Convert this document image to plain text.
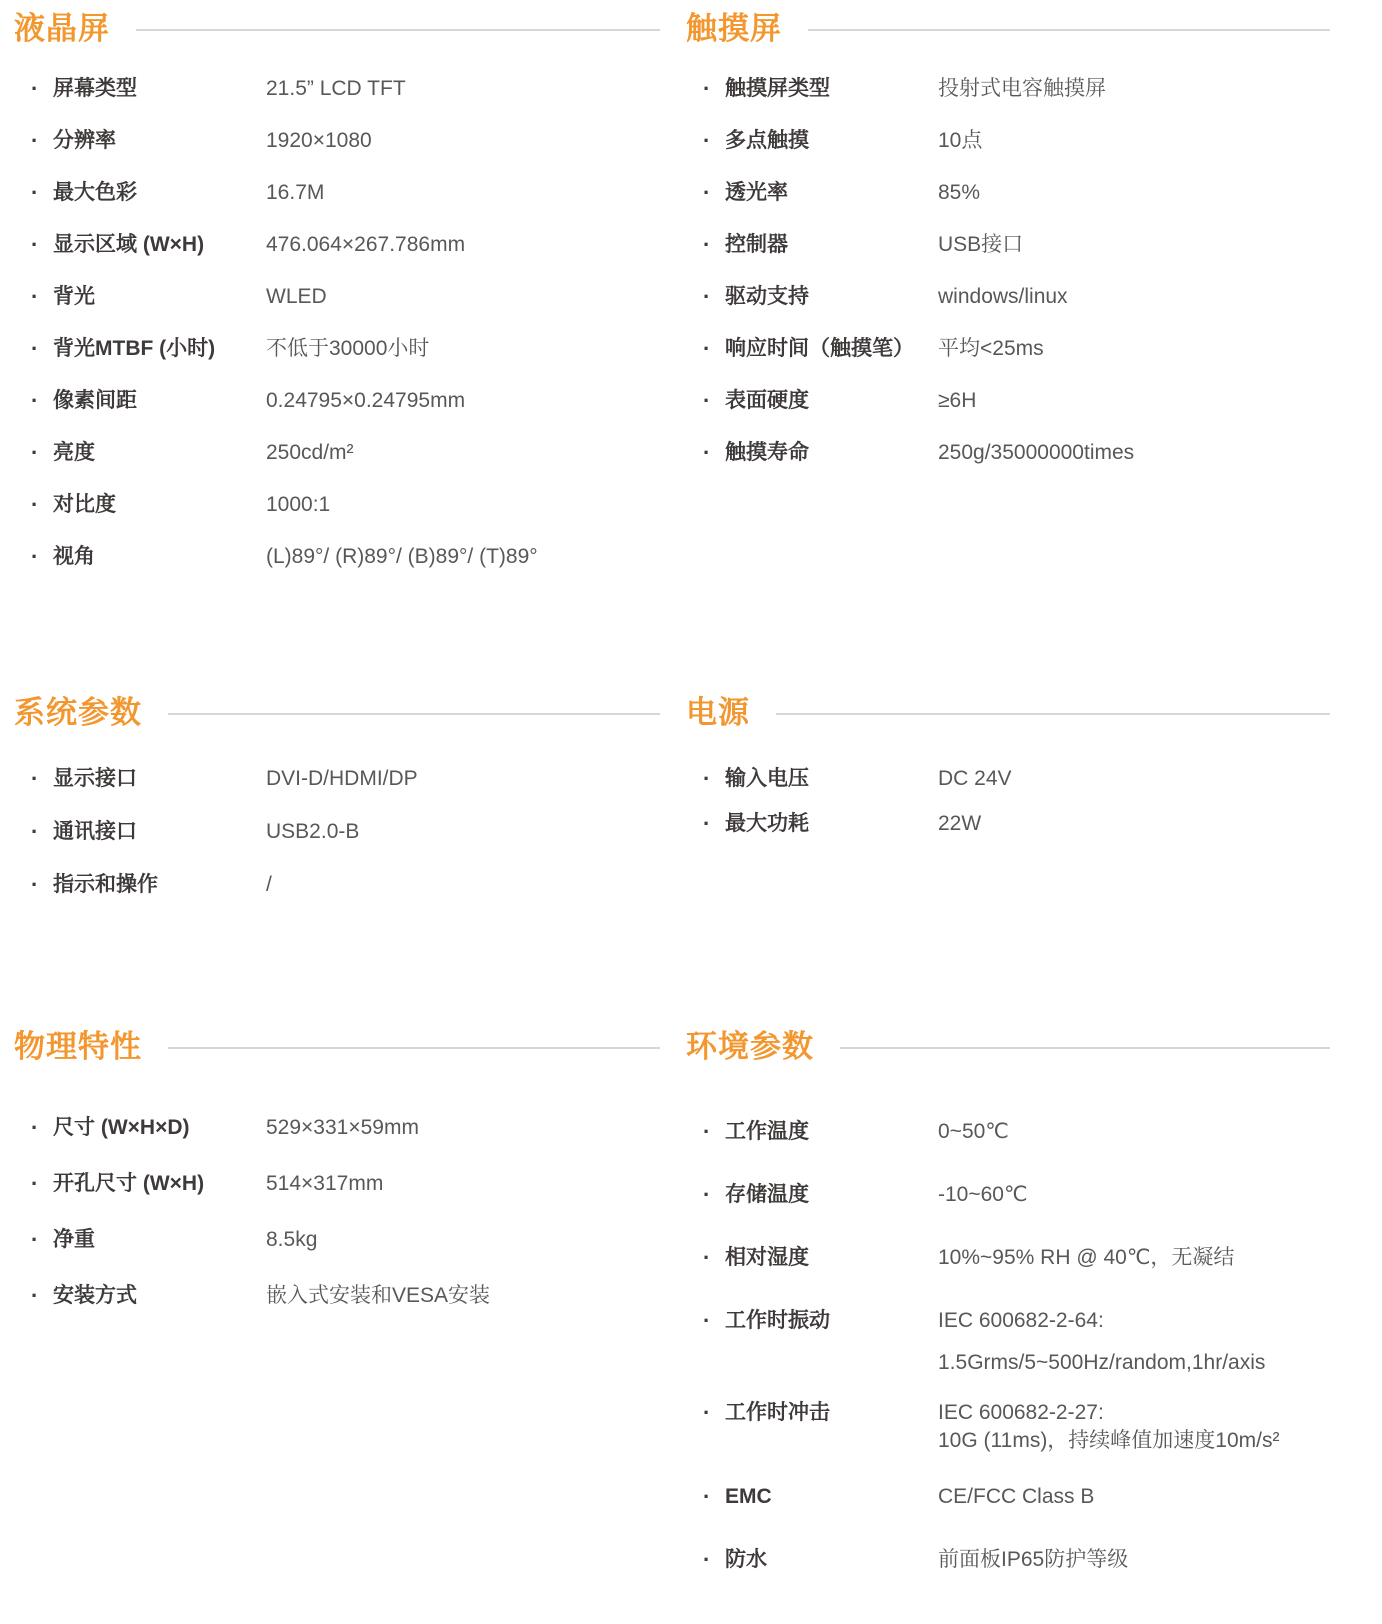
液晶屏
· 屏幕类型	21.5” LCD TFT
· 分辨率	1920×1080
· 最大色彩	16.7M
· 显示区域 (W×H)	476.064×267.786mm
· 背光	WLED
· 背光MTBF (小时)	不低于30000小时
· 像素间距	0.24795×0.24795mm
· 亮度	250cd/m²
· 对比度	1000:1
· 视角	(L)89°/ (R)89°/ (B)89°/ (T)89°
触摸屏
· 触摸屏类型	投射式电容触摸屏
· 多点触摸	10点
· 透光率	85%
· 控制器	USB接口
· 驱动支持	windows/linux
· 响应时间（触摸笔）	平均<25ms
· 表面硬度	≥6H
· 触摸寿命	250g/35000000times
系统参数
· 显示接口	DVI-D/HDMI/DP
· 通讯接口	USB2.0-B
· 指示和操作	/
电源
· 输入电压	DC 24V
· 最大功耗	22W
物理特性
· 尺寸 (W×H×D)	529×331×59mm
· 开孔尺寸 (W×H)	514×317mm
· 净重	8.5kg
· 安装方式	嵌入式安装和VESA安装
环境参数
· 工作温度	0~50℃
· 存储温度	-10~60℃
· 相对湿度	10%~95% RH @ 40℃，无凝结
· 工作时振动	IEC 600682-2-64:
1.5Grms/5~500Hz/random,1hr/axis
· 工作时冲击	IEC 600682-2-27:
10G (11ms)，持续峰值加速度10m/s²
· EMC	CE/FCC Class B
· 防水	前面板IP65防护等级
